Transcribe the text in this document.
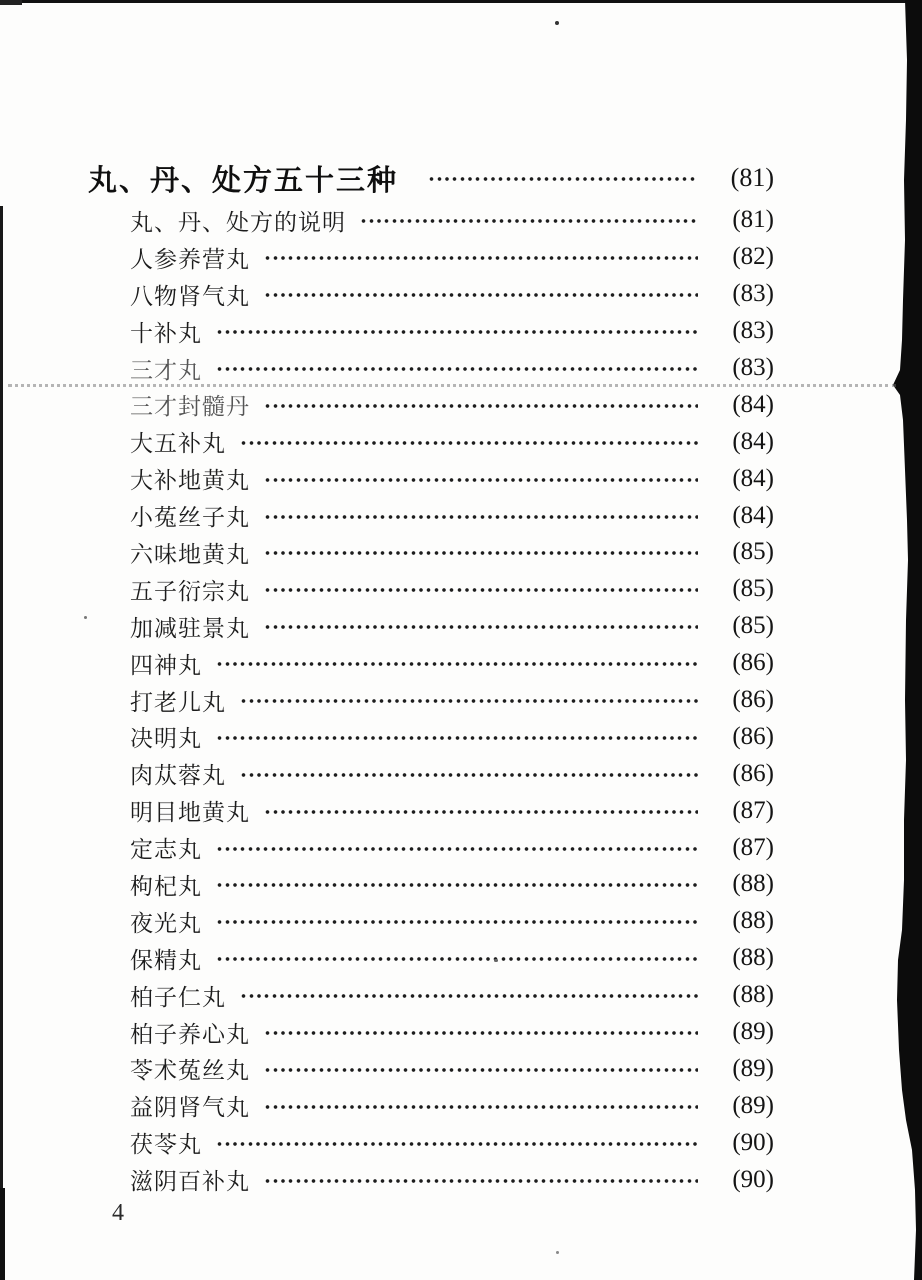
丸、丹、处方五十三种	(81)
丸、丹、处方的说明	(81)
人参养营丸	(82)
八物肾气丸	(83)
十补丸	(83)
三才丸	(83)
三才封髓丹	(84)
大五补丸	(84)
大补地黄丸	(84)
小菟丝子丸	(84)
六味地黄丸	(85)
五子衍宗丸	(85)
加减驻景丸	(85)
四神丸	(86)
打老儿丸	(86)
决明丸	(86)
肉苁蓉丸	(86)
明目地黄丸	(87)
定志丸	(87)
枸杞丸	(88)
夜光丸	(88)
保精丸	(88)
柏子仁丸	(88)
柏子养心丸	(89)
苓术菟丝丸	(89)
益阴肾气丸	(89)
茯苓丸	(90)
滋阴百补丸	(90)
4
